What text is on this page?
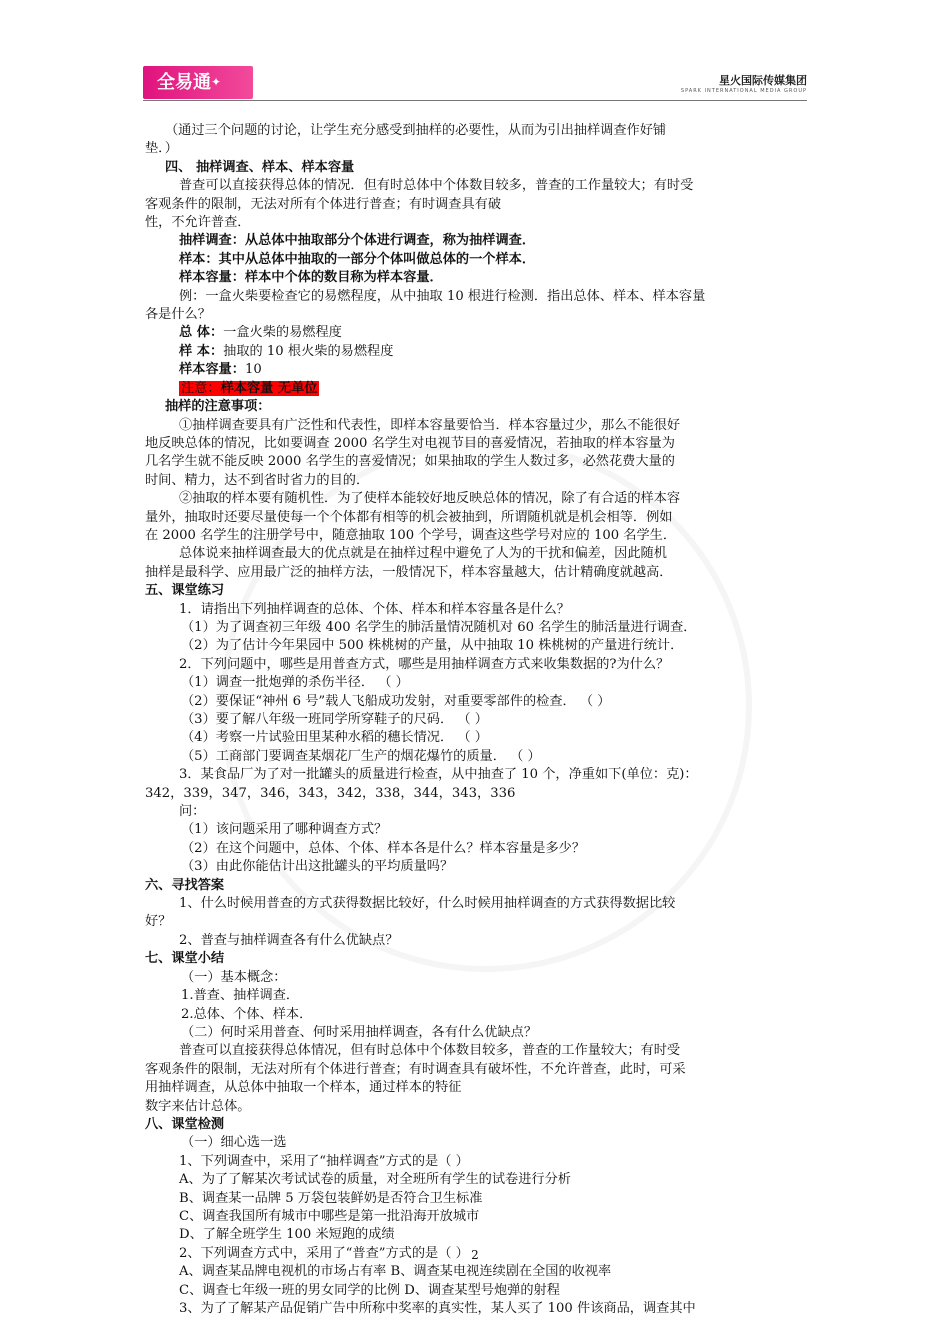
全易通✦	星火国际传媒集团
SPARK INTERNATIONAL MEDIA GROUP

（通过三个问题的讨论，让学生充分感受到抽样的必要性，从而为引出抽样调查作好铺

垫．）

四、 抽样调查、样本、样本容量

普查可以直接获得总体的情况．但有时总体中个体数目较多，普查的工作量较大；有时受

客观条件的限制，无法对所有个体进行普查；有时调查具有破

性，不允许普查．

抽样调查：从总体中抽取部分个体进行调查，称为抽样调查．

样本：其中从总体中抽取的一部分个体叫做总体的一个样本．

样本容量：样本中个体的数目称为样本容量．

例：一盒火柴要检查它的易燃程度，从中抽取 10 根进行检测．指出总体、样本、样本容量

各是什么？

总 体：一盒火柴的易燃程度

样 本：抽取的 10 根火柴的易燃程度

样本容量：10

注意：样本容量 无单位

抽样的注意事项：

①抽样调查要具有广泛性和代表性，即样本容量要恰当．样本容量过少，那么不能很好

地反映总体的情况，比如要调查 2000 名学生对电视节目的喜爱情况，若抽取的样本容量为

几名学生就不能反映 2000 名学生的喜爱情况；如果抽取的学生人数过多，必然花费大量的

时间、精力，达不到省时省力的目的．

②抽取的样本要有随机性．为了使样本能较好地反映总体的情况，除了有合适的样本容

量外，抽取时还要尽量使每一个个体都有相等的机会被抽到，所谓随机就是机会相等．例如

在 2000 名学生的注册学号中，随意抽取 100 个学号，调查这些学号对应的 100 名学生．

总体说来抽样调查最大的优点就是在抽样过程中避免了人为的干扰和偏差，因此随机

抽样是最科学、应用最广泛的抽样方法，一般情况下，样本容量越大，估计精确度就越高．

五、课堂练习

1．请指出下列抽样调查的总体、个体、样本和样本容量各是什么？

（1）为了调查初三年级 400 名学生的肺活量情况随机对 60 名学生的肺活量进行调查．

（2）为了估计今年果园中 500 株桃树的产量，从中抽取 10 株桃树的产量进行统计．

2．下列问题中，哪些是用普查方式，哪些是用抽样调查方式来收集数据的?为什么？

（1）调查一批炮弹的杀伤半径． （ ）

（2）要保证“神州 6 号”载人飞船成功发射，对重要零部件的检查． （ ）

（3）要了解八年级一班同学所穿鞋子的尺码． （ ）

（4）考察一片试验田里某种水稻的穗长情况． （ ）

（5）工商部门要调查某烟花厂生产的烟花爆竹的质量． （ ）

3．某食品厂为了对一批罐头的质量进行检查，从中抽查了 10 个，净重如下(单位：克)：

342，339，347，346，343，342，338，344，343，336

问：

（1）该问题采用了哪种调查方式？

（2）在这个问题中，总体、个体、样本各是什么？样本容量是多少？

（3）由此你能估计出这批罐头的平均质量吗？

六、寻找答案

1、什么时候用普查的方式获得数据比较好，什么时候用抽样调查的方式获得数据比较

好？

2、普查与抽样调查各有什么优缺点？

七、课堂小结

（一）基本概念：

1.普查、抽样调查．

2.总体、个体、样本．

（二）何时采用普查、何时采用抽样调查，各有什么优缺点？

普查可以直接获得总体情况，但有时总体中个体数目较多，普查的工作量较大；有时受

客观条件的限制，无法对所有个体进行普查；有时调查具有破坏性，不允许普查，此时，可采

用抽样调查，从总体中抽取一个样本，通过样本的特征

数字来估计总体。

八、课堂检测

（一）细心选一选

1、下列调查中，采用了“抽样调查”方式的是（ ）

A、为了了解某次考试试卷的质量，对全班所有学生的试卷进行分析

B、调查某一品牌 5 万袋包装鲜奶是否符合卫生标准

C、调查我国所有城市中哪些是第一批沿海开放城市

D、了解全班学生 100 米短跑的成绩

2、下列调查方式中，采用了“普查”方式的是（ ）

A、调查某品牌电视机的市场占有率 B、调查某电视连续剧在全国的收视率

C、调查七年级一班的男女同学的比例 D、调查某型号炮弹的射程

3、为了了解某产品促销广告中所称中奖率的真实性，某人买了 100 件该商品，调查其中

2
